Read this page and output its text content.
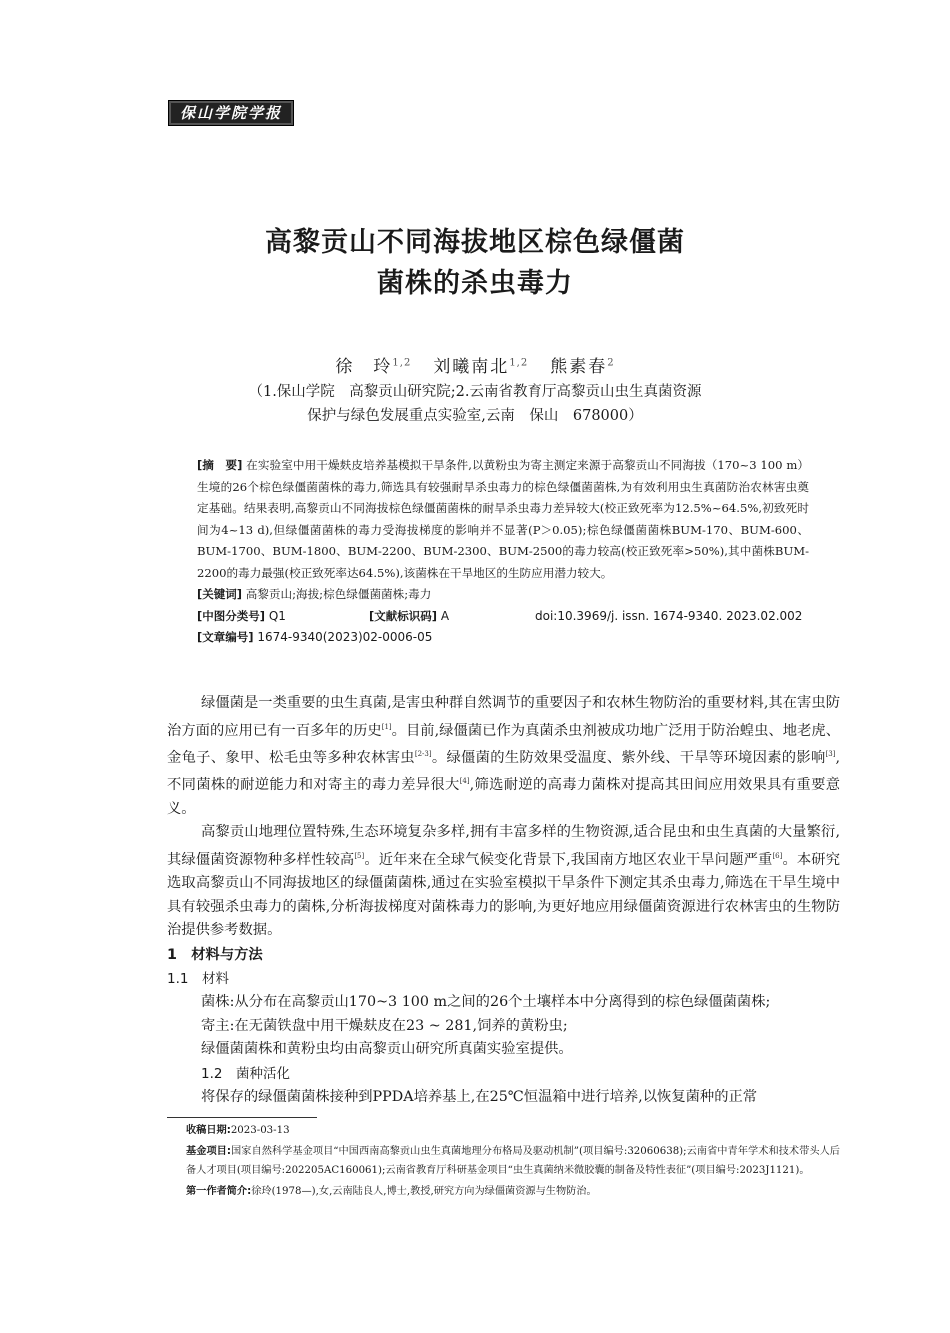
保山学院学报
高黎贡山不同海拔地区棕色绿僵菌
菌株的杀虫毒力
徐　玲$^{1,2}$ 刘曦南北$^{1,2}$ 熊素春$^2$
（1.保山学院　高黎贡山研究院;2.云南省教育厅高黎贡山虫生真菌资源
保护与绿色发展重点实验室,云南　保山　678000）
[摘　要] 在实验室中用干燥麸皮培养基模拟干旱条件,以黄粉虫为寄主测定来源于高黎贡山不同海拔（170~3 100 m）生境的26个棕色绿僵菌菌株的毒力,筛选具有较强耐旱杀虫毒力的棕色绿僵菌菌株,为有效利用虫生真菌防治农林害虫奠定基础。结果表明,高黎贡山不同海拔棕色绿僵菌菌株的耐旱杀虫毒力差异较大(校正致死率为12.5%~64.5%,初致死时间为4~13 d),但绿僵菌菌株的毒力受海拔梯度的影响并不显著(P＞0.05);棕色绿僵菌菌株BUM-170、BUM-600、BUM-1700、BUM-1800、BUM-2200、BUM-2300、BUM-2500的毒力较高(校正致死率>50%),其中菌株BUM-2200的毒力最强(校正致死率达64.5%),该菌株在干旱地区的生防应用潜力较大。
[关键词] 高黎贡山;海拔;棕色绿僵菌菌株;毒力
[中图分类号] Q1	[文献标识码] A	doi:10.3969/j. issn. 1674-9340. 2023.02.002
[文章编号] 1674-9340(2023)02-0006-05

绿僵菌是一类重要的虫生真菌,是害虫种群自然调节的重要因子和农林生物防治的重要材料,其在害虫防治方面的应用已有一百多年的历史[1]。目前,绿僵菌已作为真菌杀虫剂被成功地广泛用于防治蝗虫、地老虎、金龟子、象甲、松毛虫等多种农林害虫[2-3]。绿僵菌的生防效果受温度、紫外线、干旱等环境因素的影响[3],不同菌株的耐逆能力和对寄主的毒力差异很大[4],筛选耐逆的高毒力菌株对提高其田间应用效果具有重要意义。

高黎贡山地理位置特殊,生态环境复杂多样,拥有丰富多样的生物资源,适合昆虫和虫生真菌的大量繁衍,其绿僵菌资源物种多样性较高[5]。近年来在全球气候变化背景下,我国南方地区农业干旱问题严重[6]。本研究选取高黎贡山不同海拔地区的绿僵菌菌株,通过在实验室模拟干旱条件下测定其杀虫毒力,筛选在干旱生境中具有较强杀虫毒力的菌株,分析海拔梯度对菌株毒力的影响,为更好地应用绿僵菌资源进行农林害虫的生物防治提供参考数据。

1　材料与方法
1.1　材料

菌株:从分布在高黎贡山170~3 100 m之间的26个土壤样本中分离得到的棕色绿僵菌菌株;

寄主:在无菌铁盘中用干燥麸皮在23 ~ 281,饲养的黄粉虫;

绿僵菌菌株和黄粉虫均由高黎贡山研究所真菌实验室提供。

1.2　菌种活化

将保存的绿僵菌菌株接种到PPDA培养基上,在25℃恒温箱中进行培养,以恢复菌种的正常

收稿日期:2023-03-13

基金项目:国家自然科学基金项目“中国西南高黎贡山虫生真菌地理分布格局及驱动机制”(项目编号:32060638);云南省中青年学术和技术带头人后备人才项目(项目编号:202205AC160061);云南省教育厅科研基金项目“虫生真菌纳米微胶囊的制备及特性表征”(项目编号:2023J1121)。

第一作者简介:徐玲(1978—),女,云南陆良人,博士,教授,研究方向为绿僵菌资源与生物防治。
